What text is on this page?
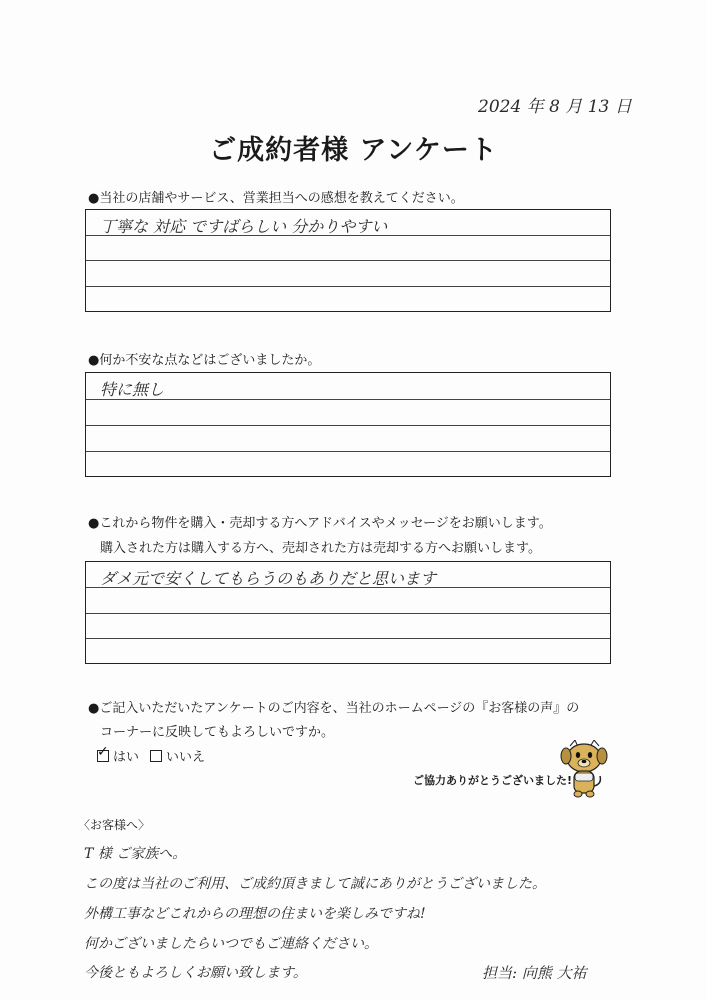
2024 年 8 月 13 日
ご成約者様 アンケート
●当社の店舗やサービス、営業担当への感想を教えてください。
丁寧な 対応 ですばらしい 分かりやすい
●何か不安な点などはございましたか。
特に無し
●これから物件を購入・売却する方へアドバイスやメッセージをお願いします。
購入された方は購入する方へ、売却された方は売却する方へお願いします。
ダメ元で安くしてもらうのもありだと思います
●ご記入いただいたアンケートのご内容を、当社のホームページの『お客様の声』の
コーナーに反映してもよろしいですか。
✓
はい いいえ
ご協力ありがとうございました!
〈お客様へ〉
T 様 ご家族へ。
この度は当社のご利用、ご成約頂きまして誠にありがとうございました。
外構工事などこれからの理想の住まいを楽しみですね!
何かございましたらいつでもご連絡ください。
今後ともよろしくお願い致します。	担当: 向熊 大祐
